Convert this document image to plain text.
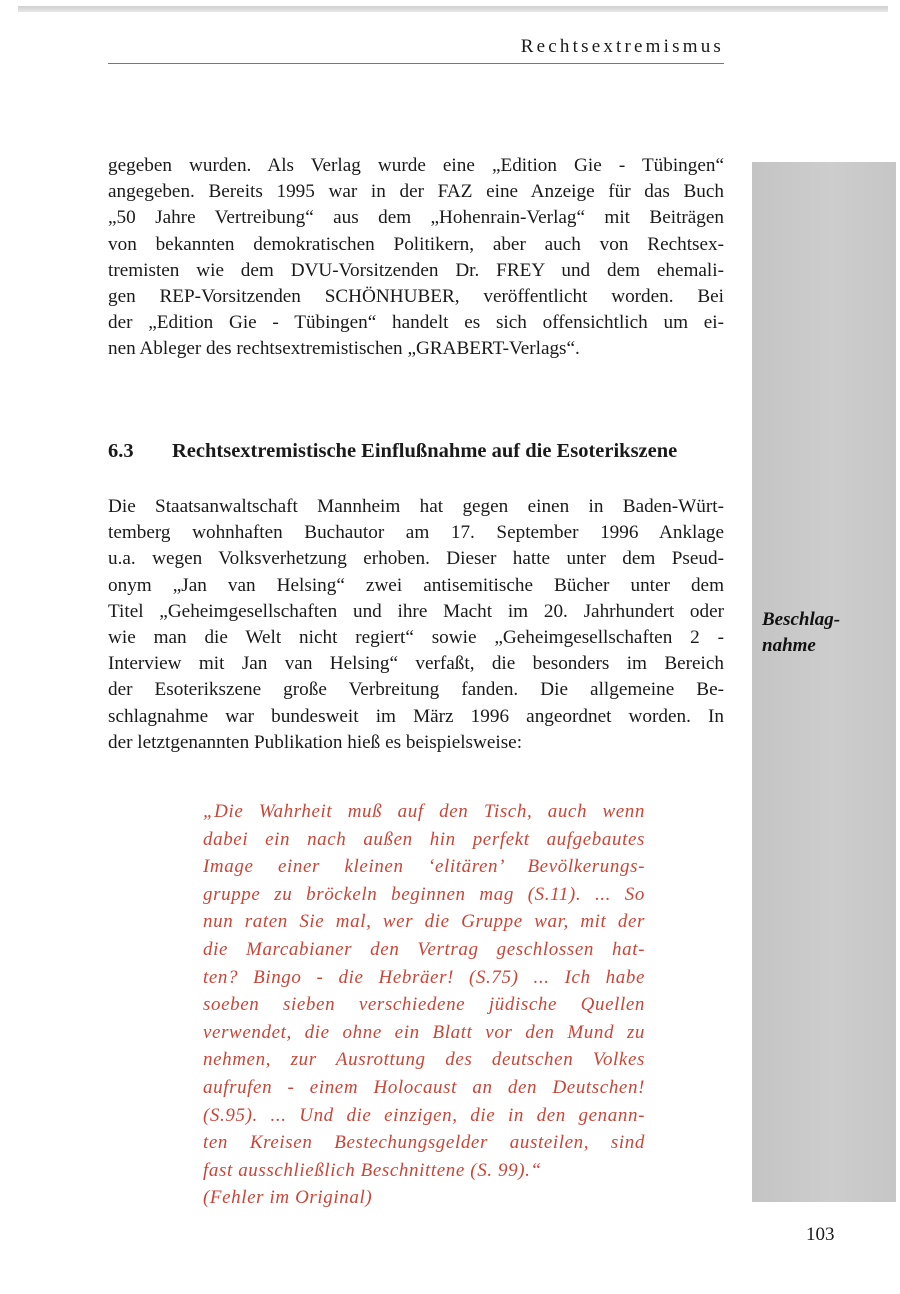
Rechtsextremismus
Beschlag-
nahme
gegeben wurden. Als Verlag wurde eine „Edition Gie - Tübingen“
angegeben. Bereits 1995 war in der FAZ eine Anzeige für das Buch
„50 Jahre Vertreibung“ aus dem „Hohenrain-Verlag“ mit Beiträgen
von bekannten demokratischen Politikern, aber auch von Rechtsex-
tremisten wie dem DVU-Vorsitzenden Dr. FREY und dem ehemali-
gen REP-Vorsitzenden SCHÖNHUBER, veröffentlicht worden. Bei
der „Edition Gie - Tübingen“ handelt es sich offensichtlich um ei-
nen Ableger des rechtsextremistischen „GRABERT-Verlags“.
6.3 Rechtsextremistische Einflußnahme auf die Esoterikszene
Die Staatsanwaltschaft Mannheim hat gegen einen in Baden-Würt-
temberg wohnhaften Buchautor am 17. September 1996 Anklage
u.a. wegen Volksverhetzung erhoben. Dieser hatte unter dem Pseud-
onym „Jan van Helsing“ zwei antisemitische Bücher unter dem
Titel „Geheimgesellschaften und ihre Macht im 20. Jahrhundert oder
wie man die Welt nicht regiert“ sowie „Geheimgesellschaften 2 -
Interview mit Jan van Helsing“ verfaßt, die besonders im Bereich
der Esoterikszene große Verbreitung fanden. Die allgemeine Be-
schlagnahme war bundesweit im März 1996 angeordnet worden. In
der letztgenannten Publikation hieß es beispielsweise:
„Die Wahrheit muß auf den Tisch, auch wenn
dabei ein nach außen hin perfekt aufgebautes
Image einer kleinen ‘elitären’ Bevölkerungs-
gruppe zu bröckeln beginnen mag (S.11). ... So
nun raten Sie mal, wer die Gruppe war, mit der
die Marcabianer den Vertrag geschlossen hat-
ten? Bingo - die Hebräer! (S.75) ... Ich habe
soeben sieben verschiedene jüdische Quellen
verwendet, die ohne ein Blatt vor den Mund zu
nehmen, zur Ausrottung des deutschen Volkes
aufrufen - einem Holocaust an den Deutschen!
(S.95). ... Und die einzigen, die in den genann-
ten Kreisen Bestechungsgelder austeilen, sind
fast ausschließlich Beschnittene (S. 99).“
(Fehler im Original)
103
